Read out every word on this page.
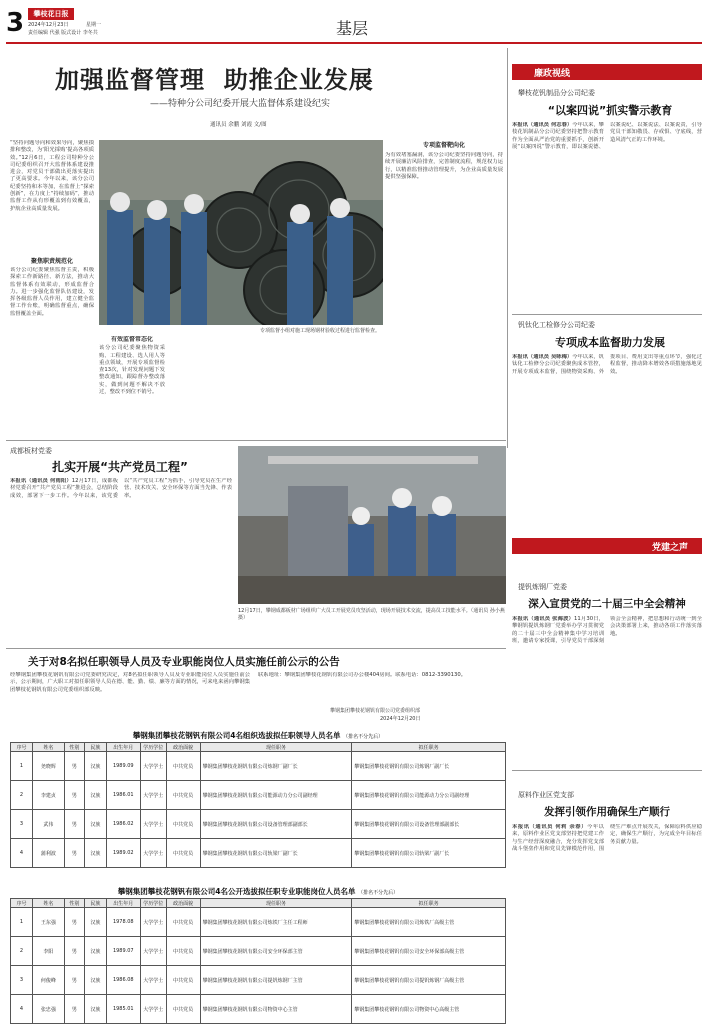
3	攀枝花日报
2024年12月23日	星期一
责任编辑 代强 版式设计 李冬共	基层
加强监督管理  助推企业发展
——特种分公司纪委开展大监督体系建设纪实
通讯员 余鹏 刘霞 文/图
“坚持问题导向和效果导向，聚焦摸排和整改，为‘阳光採购’提高各项质效。”12月6日，工程公司特种分公司纪委组织召开大监督体系建设推进会，对党员干部做出更落实提出了更高要求。今年以来，该分公司纪委坚持和本等加，在监督上“探索创新”，在力度上“持续加码”，推动监督工作从有形覆盖到有效覆盖，护航企业高质量发展。
聚焦职责规范化
该分公司纪委聚焦监督主责，积极探索工作新路径、新方法，推动大监督体系有效联动，形成监督合力。进一步强化监督队伍建设，发挥各级监督人员作用，建立健全监督工作台账，明确监督重点，确保监督覆盖全面。
专项监督小组对施工现场钢材验收过程进行监督检查。
有效监督常态化
该分公司纪委聚焦物资采购、工程建设、选人用人等重点领域，开展专项监督检查13次，针对发现问题下发整改通知，跟踪督办整改落实，做到问题不解决不放过，整改不到位不销号。
专项监督靶向化
为有效堵塞漏洞，该分公司纪委坚持问题导向，持续开展廉洁风险排查，完善制度流程，规范权力运行，以精准监督推动管理提升，为企业高质量发展提供坚强保障。
廉政视线
攀枝花钒制品分公司纪委
“以案四说”抓实警示教育
本报讯（通讯员 何志春）今年以来，攀枝花钒制品分公司纪委坚持把警示教育作为全面从严治党的重要抓手，创新开展“以案四说”警示教育，即以案说德、以案说纪、以案说法、以案说责，引导党员干部知敬畏、存戒惧、守底线，营造风清气正的工作环境。
钒钛化工检修分公司纪委
专项成本监督助力发展
本报讯（通讯员 吴咏梅）今年以来，钒钛化工检修分公司纪委聚焦成本管控，开展专项成本监督，围绕物资采购、外委项目、费用支出等重点环节，强化过程监督，推动降本增效各项措施落地见效。
成都板材党委
扎实开展“共产党员工程”
本报讯（通讯员 何雨阳）12月17日，成都板材党委召开“共产党员工程”推进会，总结阶段成效，部署下一步工作。今年以来，该党委以“共产党员工程”为抓手，引导党员在生产经营、技术攻关、安全环保等方面当先锋、作表率。
12月17日，攀钢成都板材广场组织广大员工开展党员攻坚活动，现场开展技术交流，提高员工技能水平。（通讯员 孙小燕 摄）
党建之声
提钒炼钢厂党委
深入宣贯党的二十届三中全会精神
本报讯（通讯员 张海波）11月30日，攀钢钒提钒炼钢厂党委举办学习贯彻党的二十届三中全会精神集中学习培训班，邀请专家授课，引导党员干部深刻领会全会精神，把思想和行动统一到全会决策部署上来，推动各项工作落实落地。
关于对8名拟任职领导人员及专业职能岗位人员实施任前公示的公告
经攀钢集团攀枝花钢钒有限公司党委研究决定，对8名拟任职领导人员及专业职能岗位人员实施任前公示，公示期间，广大职工对拟任职领导人员在德、能、勤、绩、廉等方面的情况，可来电来函向攀钢集团攀枝花钢钒有限公司党委组织部反映。
联系地址：攀钢集团攀枝花钢钒有限公司办公楼404房间。联系电话：0812-3390130。
攀钢集团攀枝花钢钒有限公司党委组织部
2024年12月20日
攀钢集团攀枝花钢钒有限公司4名组织选拔拟任职领导人员名单 （排名不分先后）
序号	姓名	性别	民族	出生年月	学历学位	政治面貌	现任职务	拟任职务
1	尧晓辉	男	汉族	1989.09	大学学士	中共党员	攀钢集团攀枝花钢钒有限公司炼钢厂副厂长	攀钢集团攀枝花钢钒有限公司炼钢厂副厂长
2	李建贞	男	汉族	1986.01	大学学士	中共党员	攀钢集团攀枝花钢钒有限公司能源动力分公司副经理	攀钢集团攀枝花钢钒有限公司能源动力分公司副经理
3	武伟	男	汉族	1986.02	大学学士	中共党员	攀钢集团攀枝花钢钒有限公司设备管理部副部长	攀钢集团攀枝花钢钒有限公司设备管理部副部长
4	蒲利波	男	汉族	1989.02	大学学士	中共党员	攀钢集团攀枝花钢钒有限公司轨梁厂副厂长	攀钢集团攀枝花钢钒有限公司轨梁厂副厂长
攀钢集团攀枝花钢钒有限公司4名公开选拔拟任职专业职能岗位人员名单 （排名不分先后）
序号	姓名	性别	民族	出生年月	学历学位	政治面貌	现任职务	拟任职务
1	王东强	男	汉族	1978.08	大学学士	中共党员	攀钢集团攀枝花钢钒有限公司炼铁厂主任工程师	攀钢集团攀枝花钢钒有限公司炼铁厂高级主管
2	李阳	男	汉族	1989.07	大学学士	中共党员	攀钢集团攀枝花钢钒有限公司安全环保部主管	攀钢集团攀枝花钢钒有限公司安全环保部高级主管
3	何俊峰	男	汉族	1986.08	大学学士	中共党员	攀钢集团攀枝花钢钒有限公司提钒炼钢厂主管	攀钢集团攀枝花钢钒有限公司提钒炼钢厂高级主管
4	张忠强	男	汉族	1985.01	大学学士	中共党员	攀钢集团攀枝花钢钒有限公司物资中心主管	攀钢集团攀枝花钢钒有限公司物资中心高级主管
原料作业区党支部
发挥引领作用确保生产顺行
本报讯（通讯员 何莉 余春）今年以来，原料作业区党支部坚持把党建工作与生产经营深度融合，充分发挥党支部战斗堡垒作用和党员先锋模范作用，围绕生产难点开展攻关，保障原料供应稳定，确保生产顺行，为完成全年目标任务贡献力量。
